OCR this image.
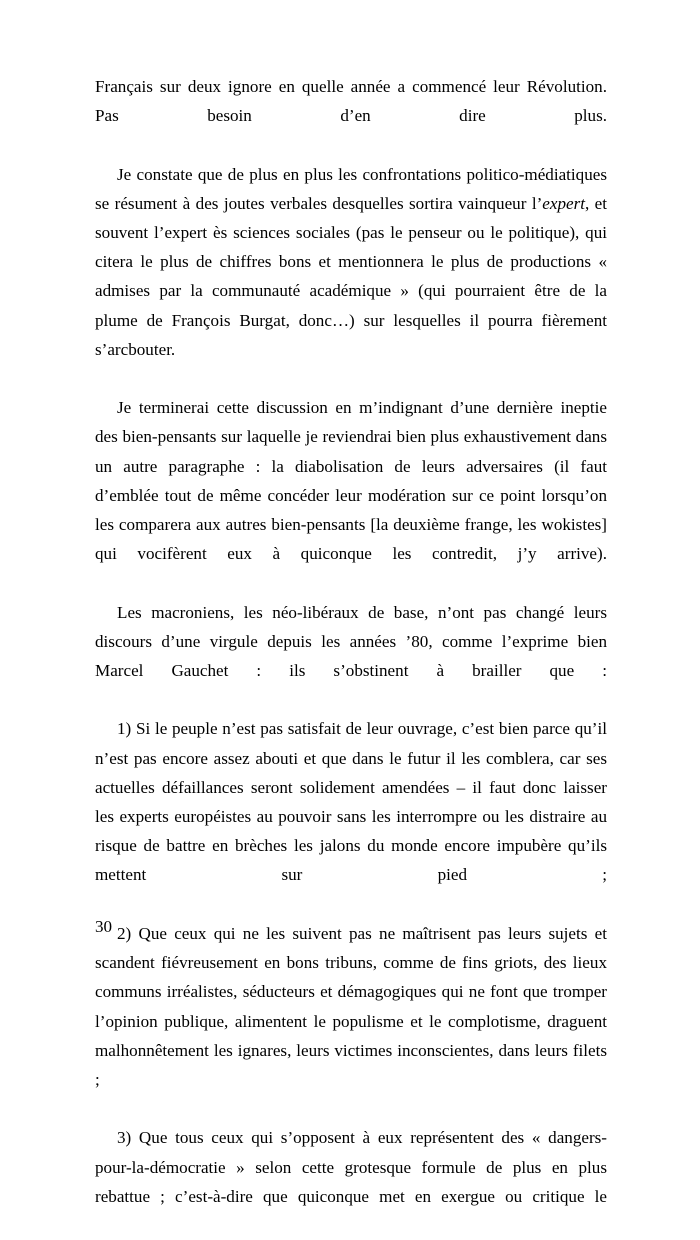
Français sur deux ignore en quelle année a commencé leur Révolution. Pas besoin d’en dire plus.

Je constate que de plus en plus les confrontations politico-médiatiques se résument à des joutes verbales desquelles sortira vainqueur l’expert, et souvent l’expert ès sciences sociales (pas le penseur ou le politique), qui citera le plus de chiffres bons et mentionnera le plus de productions « admises par la communauté académique » (qui pourraient être de la plume de François Burgat, donc…) sur lesquelles il pourra fièrement s’arcbouter.

Je terminerai cette discussion en m’indignant d’une dernière ineptie des bien-pensants sur laquelle je reviendrai bien plus exhaustivement dans un autre paragraphe : la diabolisation de leurs adversaires (il faut d’emblée tout de même concéder leur modération sur ce point lorsqu’on les comparera aux autres bien-pensants [la deuxième frange, les wokistes] qui vocifèrent eux à quiconque les contredit, j’y arrive).

Les macroniens, les néo-libéraux de base, n’ont pas changé leurs discours d’une virgule depuis les années ’80, comme l’exprime bien Marcel Gauchet : ils s’obstinent à brailler que :

1) Si le peuple n’est pas satisfait de leur ouvrage, c’est bien parce qu’il n’est pas encore assez abouti et que dans le futur il les comblera, car ses actuelles défaillances seront solidement amendées – il faut donc laisser les experts européistes au pouvoir sans les interrompre ou les distraire au risque de battre en brèches les jalons du monde encore impubère qu’ils mettent sur pied ;

2) Que ceux qui ne les suivent pas ne maîtrisent pas leurs sujets et scandent fiévreusement en bons tribuns, comme de fins griots, des lieux communs irréalistes, séducteurs et démagogiques qui ne font que tromper l’opinion publique, alimentent le populisme et le complotisme, draguent malhonnêtement les ignares, leurs victimes inconscientes, dans leurs filets ;

3) Que tous ceux qui s’opposent à eux représentent des « dangers-pour-la-démocratie » selon cette grotesque formule de plus en plus rebattue ; c’est-à-dire que quiconque met en exergue ou critique le

30
